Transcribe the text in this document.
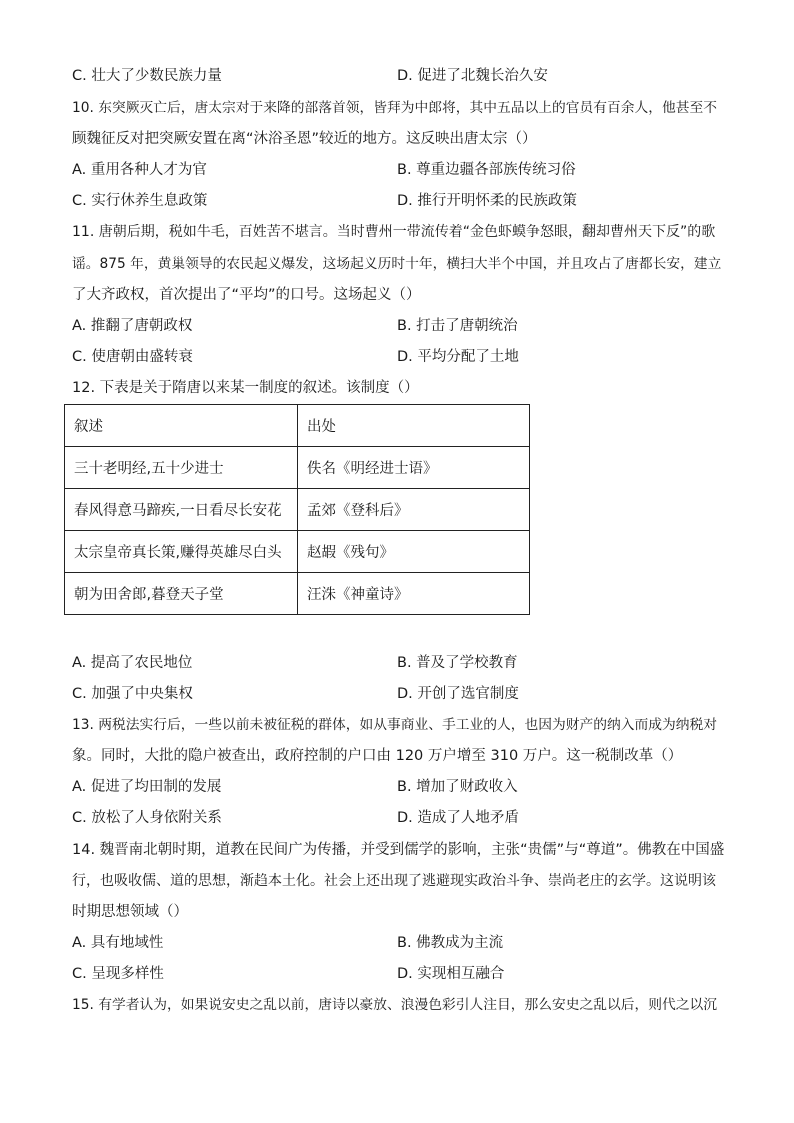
C. 壮大了少数民族力量	D. 促进了北魏长治久安
10. 东突厥灭亡后，唐太宗对于来降的部落首领，皆拜为中郎将，其中五品以上的官员有百余人，他甚至不
顾魏征反对把突厥安置在离“沐浴圣恩”较近的地方。这反映出唐太宗（）
A. 重用各种人才为官	B. 尊重边疆各部族传统习俗
C. 实行休养生息政策	D. 推行开明怀柔的民族政策
11. 唐朝后期，税如牛毛，百姓苦不堪言。当时曹州一带流传着“金色虾蟆争怒眼，翻却曹州天下反”的歌
谣。875 年，黄巢领导的农民起义爆发，这场起义历时十年，横扫大半个中国，并且攻占了唐都长安，建立
了大齐政权，首次提出了“平均”的口号。这场起义（）
A. 推翻了唐朝政权	B. 打击了唐朝统治
C. 使唐朝由盛转衰	D. 平均分配了土地
12. 下表是关于隋唐以来某一制度的叙述。该制度（）
叙述	出处
三十老明经,五十少进士	佚名《明经进士语》
春风得意马蹄疾,一日看尽长安花	孟郊《登科后》
太宗皇帝真长策,赚得英雄尽白头	赵嘏《残句》
朝为田舍郎,暮登天子堂	汪洙《神童诗》
A. 提高了农民地位	B. 普及了学校教育
C. 加强了中央集权	D. 开创了选官制度
13. 两税法实行后，一些以前未被征税的群体，如从事商业、手工业的人，也因为财产的纳入而成为纳税对
象。同时，大批的隐户被查出，政府控制的户口由 120 万户增至 310 万户。这一税制改革（）
A. 促进了均田制的发展	B. 增加了财政收入
C. 放松了人身依附关系	D. 造成了人地矛盾
14. 魏晋南北朝时期，道教在民间广为传播，并受到儒学的影响，主张“贵儒”与“尊道”。佛教在中国盛
行，也吸收儒、道的思想，渐趋本土化。社会上还出现了逃避现实政治斗争、崇尚老庄的玄学。这说明该
时期思想领域（）
A. 具有地域性	B. 佛教成为主流
C. 呈现多样性	D. 实现相互融合
15. 有学者认为，如果说安史之乱以前，唐诗以豪放、浪漫色彩引人注目，那么安史之乱以后，则代之以沉
